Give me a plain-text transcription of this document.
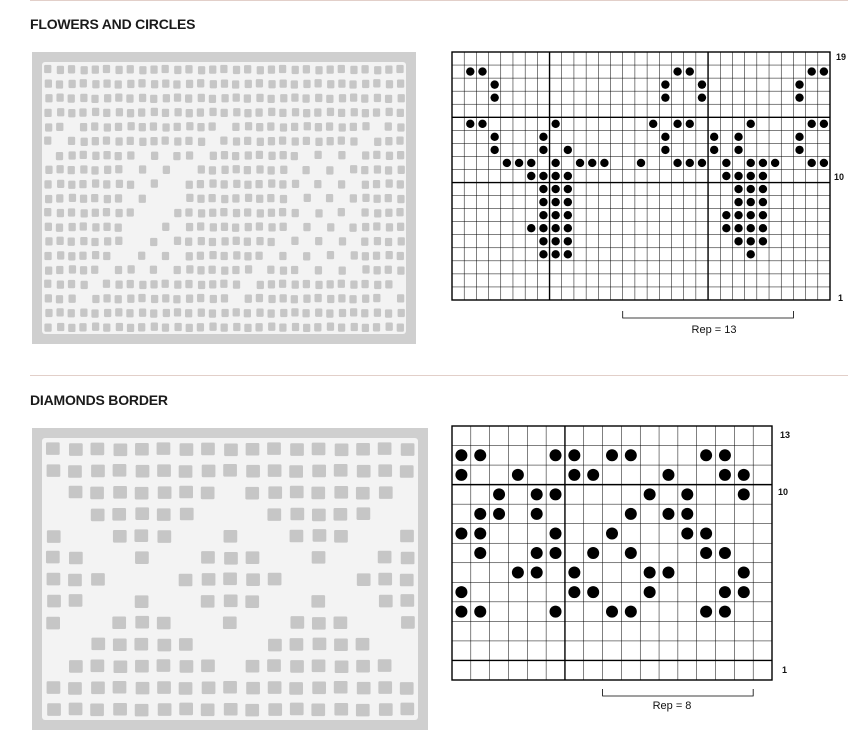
FLOWERS AND CIRCLES
19
10
1
Rep = 13
DIAMONDS BORDER
13
10
1
Rep = 8
